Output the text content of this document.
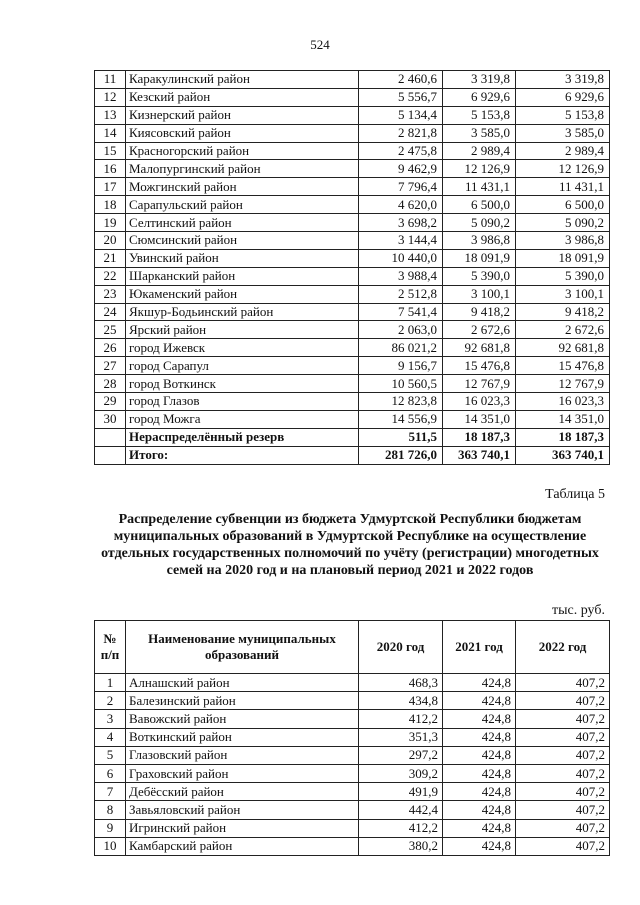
524
11	Каракулинский район	2 460,6	3 319,8	3 319,8
12	Кезский район	5 556,7	6 929,6	6 929,6
13	Кизнерский район	5 134,4	5 153,8	5 153,8
14	Киясовский район	2 821,8	3 585,0	3 585,0
15	Красногорский район	2 475,8	2 989,4	2 989,4
16	Малопургинский район	9 462,9	12 126,9	12 126,9
17	Можгинский район	7 796,4	11 431,1	11 431,1
18	Сарапульский район	4 620,0	6 500,0	6 500,0
19	Селтинский район	3 698,2	5 090,2	5 090,2
20	Сюмсинский район	3 144,4	3 986,8	3 986,8
21	Увинский район	10 440,0	18 091,9	18 091,9
22	Шарканский район	3 988,4	5 390,0	5 390,0
23	Юкаменский район	2 512,8	3 100,1	3 100,1
24	Якшур-Бодьинский район	7 541,4	9 418,2	9 418,2
25	Ярский район	2 063,0	2 672,6	2 672,6
26	город Ижевск	86 021,2	92 681,8	92 681,8
27	город Сарапул	9 156,7	15 476,8	15 476,8
28	город Воткинск	10 560,5	12 767,9	12 767,9
29	город Глазов	12 823,8	16 023,3	16 023,3
30	город Можга	14 556,9	14 351,0	14 351,0
	Нераспределённый резерв	511,5	18 187,3	18 187,3
	Итого:	281 726,0	363 740,1	363 740,1
Таблица 5
Распределение субвенции из бюджета Удмуртской Республики бюджетам муниципальных образований в Удмуртской Республике на осуществление отдельных государственных полномочий по учёту (регистрации) многодетных семей на 2020 год и на плановый период 2021 и 2022 годов
тыс. руб.
№ п/п	Наименование муниципальных образований	2020 год	2021 год	2022 год
1	Алнашский район	468,3	424,8	407,2
2	Балезинский район	434,8	424,8	407,2
3	Вавожский район	412,2	424,8	407,2
4	Воткинский район	351,3	424,8	407,2
5	Глазовский район	297,2	424,8	407,2
6	Граховский район	309,2	424,8	407,2
7	Дебёсский район	491,9	424,8	407,2
8	Завьяловский район	442,4	424,8	407,2
9	Игринский район	412,2	424,8	407,2
10	Камбарский район	380,2	424,8	407,2
